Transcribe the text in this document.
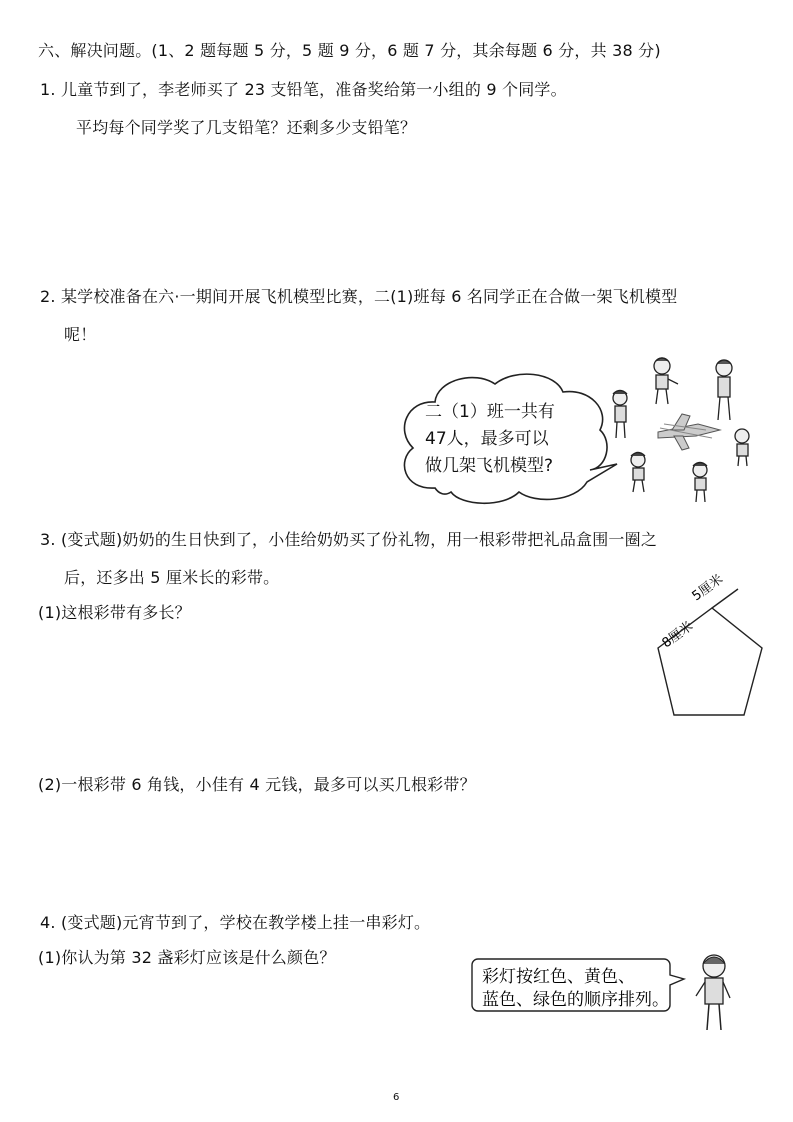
六、解决问题。(1、2 题每题 5 分，5 题 9 分，6 题 7 分，其余每题 6 分，共 38 分)
1. 儿童节到了，李老师买了 23 支铅笔，准备奖给第一小组的 9 个同学。
平均每个同学奖了几支铅笔？还剩多少支铅笔？
2. 某学校准备在六·一期间开展飞机模型比赛，二(1)班每 6 名同学正在合做一架飞机模型
呢！
二（1）班一共有
47人，最多可以
做几架飞机模型?
3. (变式题)奶奶的生日快到了，小佳给奶奶买了份礼物，用一根彩带把礼品盒围一圈之
后，还多出 5 厘米长的彩带。
(1)这根彩带有多长？
5厘米
8厘米
(2)一根彩带 6 角钱，小佳有 4 元钱，最多可以买几根彩带？
4. (变式题)元宵节到了，学校在教学楼上挂一串彩灯。
(1)你认为第 32 盏彩灯应该是什么颜色？
彩灯按红色、黄色、
蓝色、绿色的顺序排列。
6
